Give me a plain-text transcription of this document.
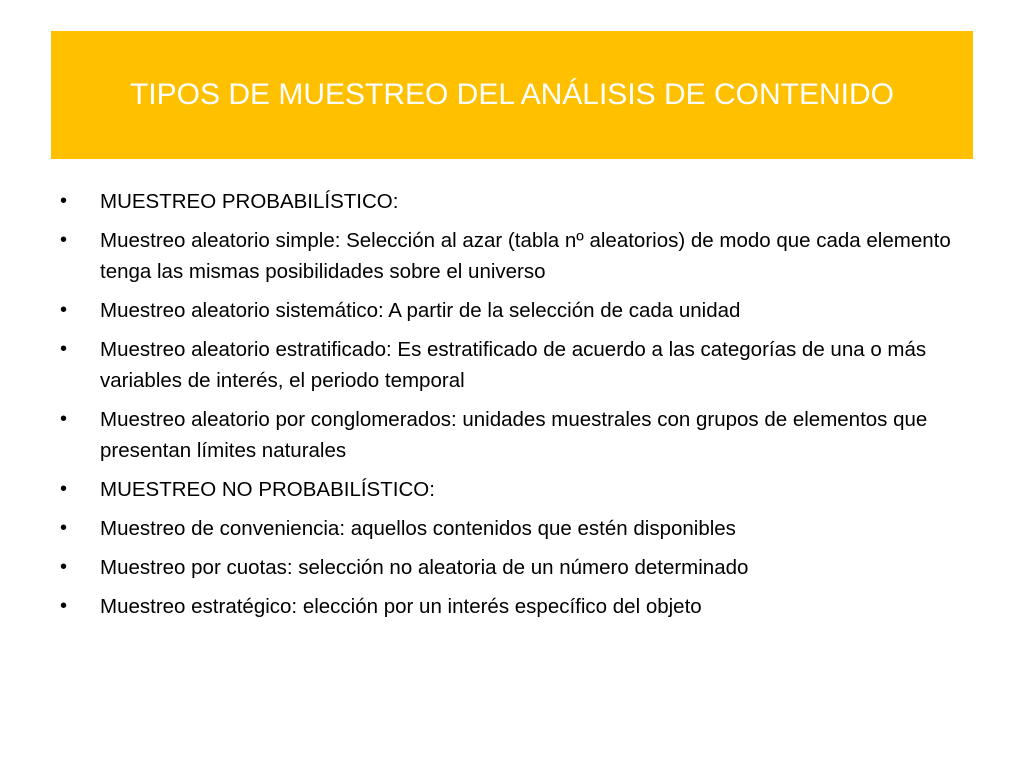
TIPOS DE MUESTREO DEL ANÁLISIS DE CONTENIDO
•	MUESTREO PROBABILÍSTICO:
•	Muestreo aleatorio simple: Selección al azar (tabla nº aleatorios) de modo que cada elemento tenga las mismas posibilidades sobre el universo
•	Muestreo aleatorio sistemático: A partir de la selección de cada unidad
•	Muestreo aleatorio estratificado: Es estratificado de acuerdo a las categorías de una o más variables de interés, el periodo temporal
•	Muestreo aleatorio por conglomerados: unidades muestrales con grupos de elementos que presentan límites naturales
•	MUESTREO NO PROBABILÍSTICO:
•	Muestreo de conveniencia: aquellos contenidos que estén disponibles
•	Muestreo por cuotas: selección no aleatoria de un número determinado
•	Muestreo estratégico: elección por un interés específico del objeto
